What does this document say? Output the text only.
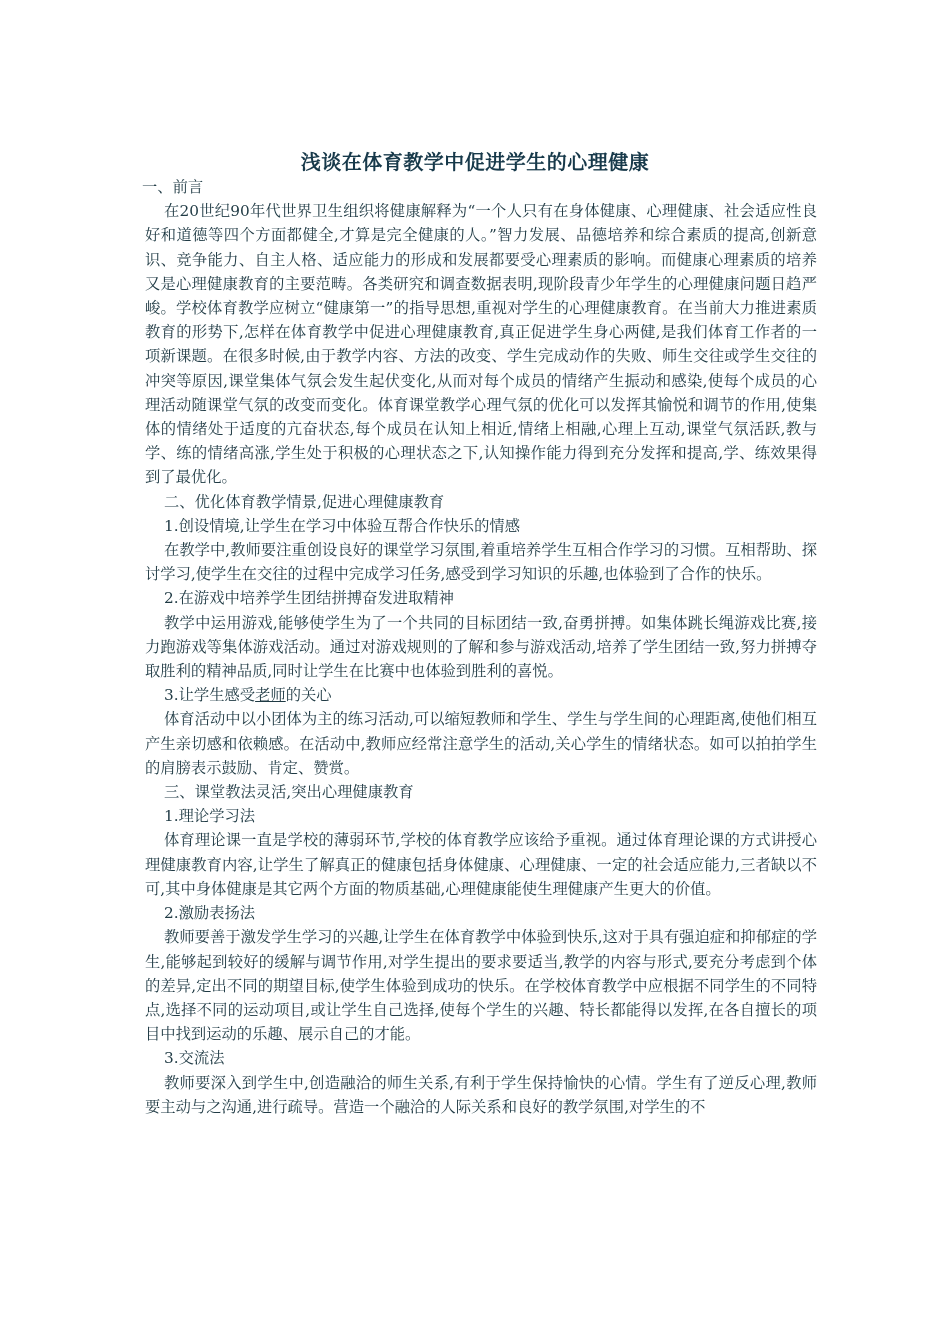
浅谈在体育教学中促进学生的心理健康

一、前言

在20世纪90年代世界卫生组织将健康解释为“一个人只有在身体健康、心理健康、社会适应性良好和道德等四个方面都健全,才算是完全健康的人。”智力发展、品德培养和综合素质的提高,创新意识、竞争能力、自主人格、适应能力的形成和发展都要受心理素质的影响。而健康心理素质的培养又是心理健康教育的主要范畴。各类研究和调查数据表明,现阶段青少年学生的心理健康问题日趋严峻。学校体育教学应树立“健康第一”的指导思想,重视对学生的心理健康教育。在当前大力推进素质教育的形势下,怎样在体育教学中促进心理健康教育,真正促进学生身心两健,是我们体育工作者的一项新课题。在很多时候,由于教学内容、方法的改变、学生完成动作的失败、师生交往或学生交往的冲突等原因,课堂集体气氛会发生起伏变化,从而对每个成员的情绪产生振动和感染,使每个成员的心理活动随课堂气氛的改变而变化。体育课堂教学心理气氛的优化可以发挥其愉悦和调节的作用,使集体的情绪处于适度的亢奋状态,每个成员在认知上相近,情绪上相融,心理上互动,课堂气氛活跃,教与学、练的情绪高涨,学生处于积极的心理状态之下,认知操作能力得到充分发挥和提高,学、练效果得到了最优化。

二、优化体育教学情景,促进心理健康教育

1.创设情境,让学生在学习中体验互帮合作快乐的情感

在教学中,教师要注重创设良好的课堂学习氛围,着重培养学生互相合作学习的习惯。互相帮助、探讨学习,使学生在交往的过程中完成学习任务,感受到学习知识的乐趣,也体验到了合作的快乐。

2.在游戏中培养学生团结拼搏奋发进取精神

教学中运用游戏,能够使学生为了一个共同的目标团结一致,奋勇拼搏。如集体跳长绳游戏比赛,接力跑游戏等集体游戏活动。通过对游戏规则的了解和参与游戏活动,培养了学生团结一致,努力拼搏夺取胜利的精神品质,同时让学生在比赛中也体验到胜利的喜悦。

3.让学生感受老师的关心

体育活动中以小团体为主的练习活动,可以缩短教师和学生、学生与学生间的心理距离,使他们相互产生亲切感和依赖感。在活动中,教师应经常注意学生的活动,关心学生的情绪状态。如可以拍拍学生的肩膀表示鼓励、肯定、赞赏。

三、课堂教法灵活,突出心理健康教育

1.理论学习法

体育理论课一直是学校的薄弱环节,学校的体育教学应该给予重视。通过体育理论课的方式讲授心理健康教育内容,让学生了解真正的健康包括身体健康、心理健康、一定的社会适应能力,三者缺以不可,其中身体健康是其它两个方面的物质基础,心理健康能使生理健康产生更大的价值。

2.激励表扬法

教师要善于激发学生学习的兴趣,让学生在体育教学中体验到快乐,这对于具有强迫症和抑郁症的学生,能够起到较好的缓解与调节作用,对学生提出的要求要适当,教学的内容与形式,要充分考虑到个体的差异,定出不同的期望目标,使学生体验到成功的快乐。在学校体育教学中应根据不同学生的不同特点,选择不同的运动项目,或让学生自己选择,使每个学生的兴趣、特长都能得以发挥,在各自擅长的项目中找到运动的乐趣、展示自己的才能。

3.交流法

教师要深入到学生中,创造融洽的师生关系,有利于学生保持愉快的心情。学生有了逆反心理,教师要主动与之沟通,进行疏导。营造一个融洽的人际关系和良好的教学氛围,对学生的不
